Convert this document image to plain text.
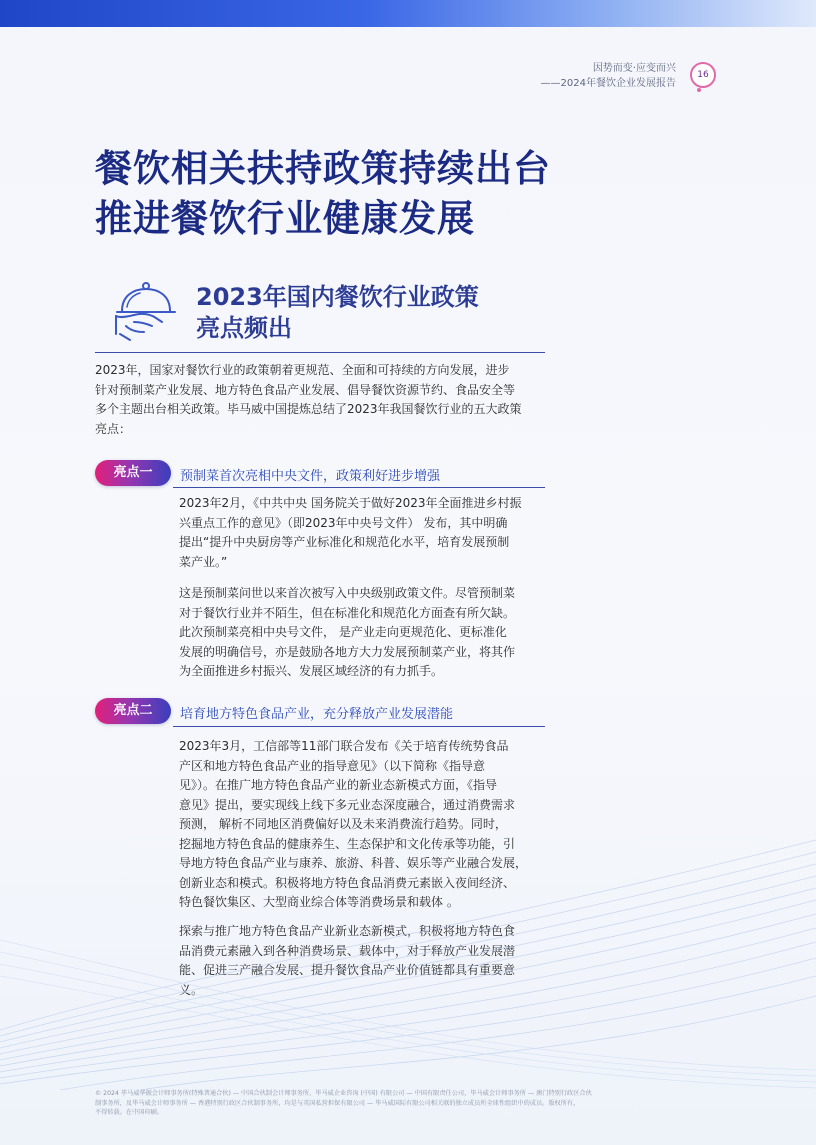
因势而变·应变而兴
——2024年餐饮企业发展报告
16
餐饮相关扶持政策持续出台
推进餐饮行业健康发展
2023年国内餐饮行业政策
亮点频出
2023年，国家对餐饮行业的政策朝着更规范、全面和可持续的方向发展，进步
针对预制菜产业发展、地方特色食品产业发展、倡导餐饮资源节约、食品安全等
多个主题出台相关政策。毕马威中国提炼总结了2023年我国餐饮行业的五大政策
亮点：
亮点一	预制菜首次亮相中央文件，政策利好进步增强
2023年2月，《中共中央 国务院关于做好2023年全面推进乡村振
兴重点工作的意见》（即2023年中央号文件） 发布，其中明确
提出“提升中央厨房等产业标准化和规范化水平，培育发展预制
菜产业。”
这是预制菜问世以来首次被写入中央级别政策文件。尽管预制菜
对于餐饮行业并不陌生，但在标准化和规范化方面查有所欠缺。
此次预制菜亮相中央号文件， 是产业走向更规范化、更标准化
发展的明确信号，亦是鼓励各地方大力发展预制菜产业，将其作
为全面推进乡村振兴、发展区域经济的有力抓手。
亮点二	培育地方特色食品产业，充分释放产业发展潜能
2023年3月，工信部等11部门联合发布《关于培育传统势食品
产区和地方特色食品产业的指导意见》（以下简称《指导意
见》）。在推广地方特色食品产业的新业态新模式方面，《指导
意见》提出，要实现线上线下多元业态深度融合，通过消费需求
预测， 解析不同地区消费偏好以及未来消费流行趋势。同时，
挖掘地方特色食品的健康养生、生态保护和文化传承等功能，引
导地方特色食品产业与康养、旅游、科普、娱乐等产业融合发展，
创新业态和模式。积极将地方特色食品消费元素嵌入夜间经济、
特色餐饮集区、大型商业综合体等消费场景和载体 。
探索与推广地方特色食品产业新业态新模式，积极将地方特色食
品消费元素融入到各种消费场景、载体中，对于释放产业发展潜
能、促进三产融合发展、提升餐饮食品产业价值链都具有重要意
义。
© 2024 毕马威华振会计师事务所(特殊普通合伙) — 中国合伙制会计师事务所，毕马威企业咨询 (中国) 有限公司 — 中国有限责任公司，毕马威会计师事务所 — 澳门特别行政区合伙
制事务所，及毕马威会计师事务所 — 香港特别行政区合伙制事务所，均是与英国私营担保有限公司 — 毕马威国际有限公司相关联的独立成员所全球性组织中的成员。版权所有，
不得转载。在中国印刷。
